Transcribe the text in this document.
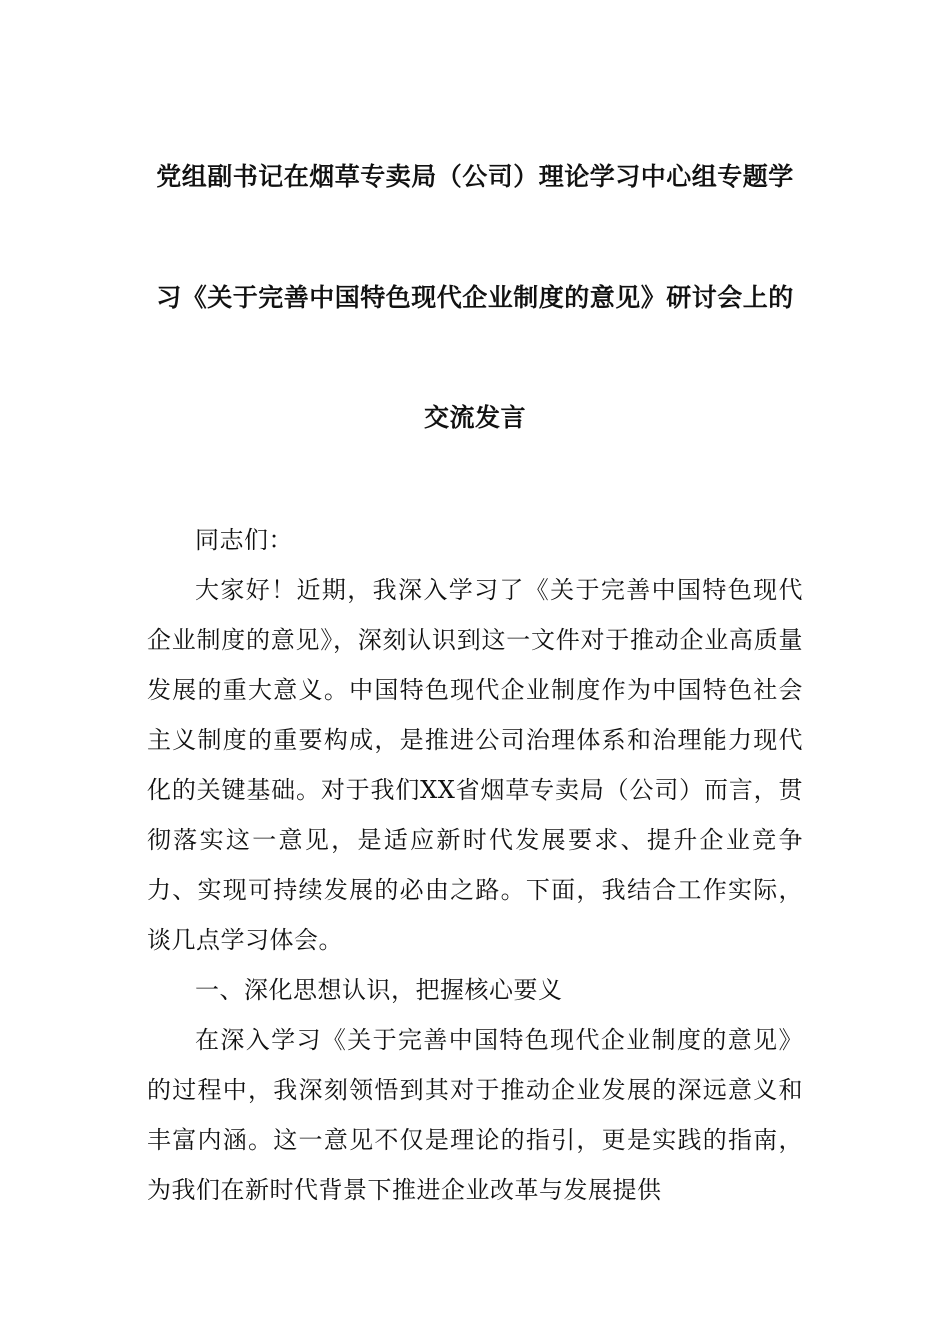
党组副书记在烟草专卖局（公司）理论学习中心组专题学
习《关于完善中国特色现代企业制度的意见》研讨会上的
交流发言

同志们：

大家好！近期，我深入学习了《关于完善中国特色现代企业制度的意见》，深刻认识到这一文件对于推动企业高质量发展的重大意义。中国特色现代企业制度作为中国特色社会主义制度的重要构成，是推进公司治理体系和治理能力现代化的关键基础。对于我们XX省烟草专卖局（公司）而言，贯彻落实这一意见，是适应新时代发展要求、提升企业竞争力、实现可持续发展的必由之路。下面，我结合工作实际，谈几点学习体会。

一、深化思想认识，把握核心要义

在深入学习《关于完善中国特色现代企业制度的意见》的过程中，我深刻领悟到其对于推动企业发展的深远意义和丰富内涵。这一意见不仅是理论的指引，更是实践的指南，为我们在新时代背景下推进企业改革与发展提供
